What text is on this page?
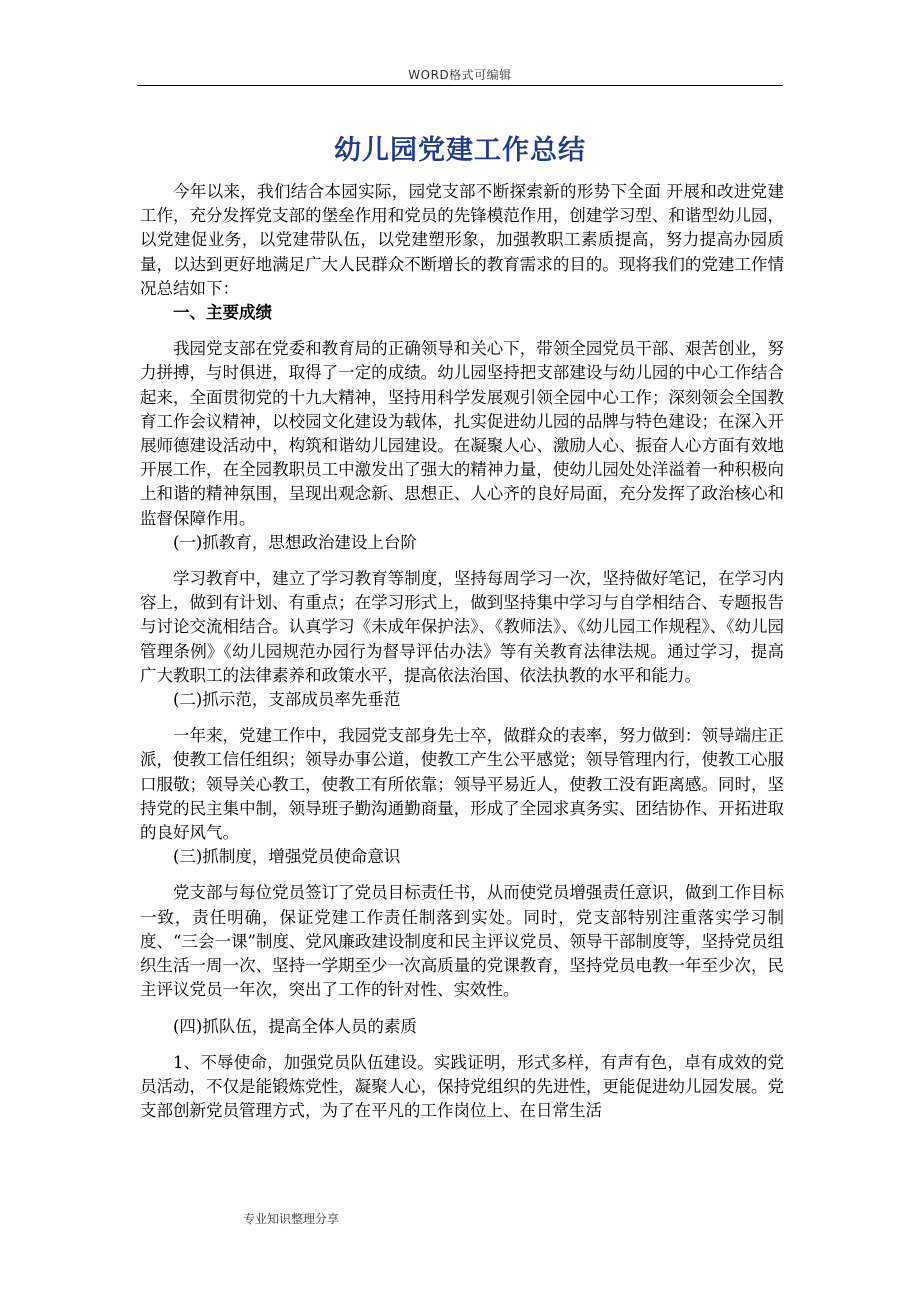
WORD格式可编辑
幼儿园党建工作总结

今年以来，我们结合本园实际，园党支部不断探索新的形势下全面 开展和改进党建工作，充分发挥党支部的堡垒作用和党员的先锋模范作用，创建学习型、和谐型幼儿园，以党建促业务，以党建带队伍，以党建塑形象，加强教职工素质提高，努力提高办园质量，以达到更好地满足广大人民群众不断增长的教育需求的目的。现将我们的党建工作情况总结如下：

一、主要成绩

我园党支部在党委和教育局的正确领导和关心下，带领全园党员干部、艰苦创业，努力拼搏，与时俱进，取得了一定的成绩。幼儿园坚持把支部建设与幼儿园的中心工作结合起来，全面贯彻党的十九大精神，坚持用科学发展观引领全园中心工作；深刻领会全国教育工作会议精神，以校园文化建设为载体，扎实促进幼儿园的品牌与特色建设；在深入开展师德建设活动中，构筑和谐幼儿园建设。在凝聚人心、激励人心、振奋人心方面有效地开展工作，在全园教职员工中激发出了强大的精神力量，使幼儿园处处洋溢着一种积极向上和谐的精神氛围，呈现出观念新、思想正、人心齐的良好局面，充分发挥了政治核心和监督保障作用。

(一)抓教育，思想政治建设上台阶

学习教育中，建立了学习教育等制度，坚持每周学习一次，坚持做好笔记，在学习内容上，做到有计划、有重点；在学习形式上，做到坚持集中学习与自学相结合、专题报告与讨论交流相结合。认真学习《未成年保护法》、《教师法》、《幼儿园工作规程》、《幼儿园管理条例》《幼儿园规范办园行为督导评估办法》等有关教育法律法规。通过学习，提高广大教职工的法律素养和政策水平，提高依法治国、依法执教的水平和能力。

(二)抓示范，支部成员率先垂范

一年来，党建工作中，我园党支部身先士卒，做群众的表率，努力做到：领导端庄正派，使教工信任组织；领导办事公道，使教工产生公平感觉；领导管理内行，使教工心服口服敬；领导关心教工，使教工有所依靠；领导平易近人，使教工没有距离感。同时，坚持党的民主集中制，领导班子勤沟通勤商量，形成了全园求真务实、团结协作、开拓进取的良好风气。

(三)抓制度，增强党员使命意识

党支部与每位党员签订了党员目标责任书，从而使党员增强责任意识，做到工作目标一致，责任明确，保证党建工作责任制落到实处。同时，党支部特别注重落实学习制度、“三会一课”制度、党风廉政建设制度和民主评议党员、领导干部制度等，坚持党员组织生活一周一次、坚持一学期至少一次高质量的党课教育，坚持党员电教一年至少次，民主评议党员一年次，突出了工作的针对性、实效性。

(四)抓队伍，提高全体人员的素质

1、不辱使命，加强党员队伍建设。实践证明，形式多样，有声有色，卓有成效的党员活动，不仅是能锻炼党性，凝聚人心，保持党组织的先进性，更能促进幼儿园发展。党支部创新党员管理方式，为了在平凡的工作岗位上、在日常生活

专业知识整理分享
